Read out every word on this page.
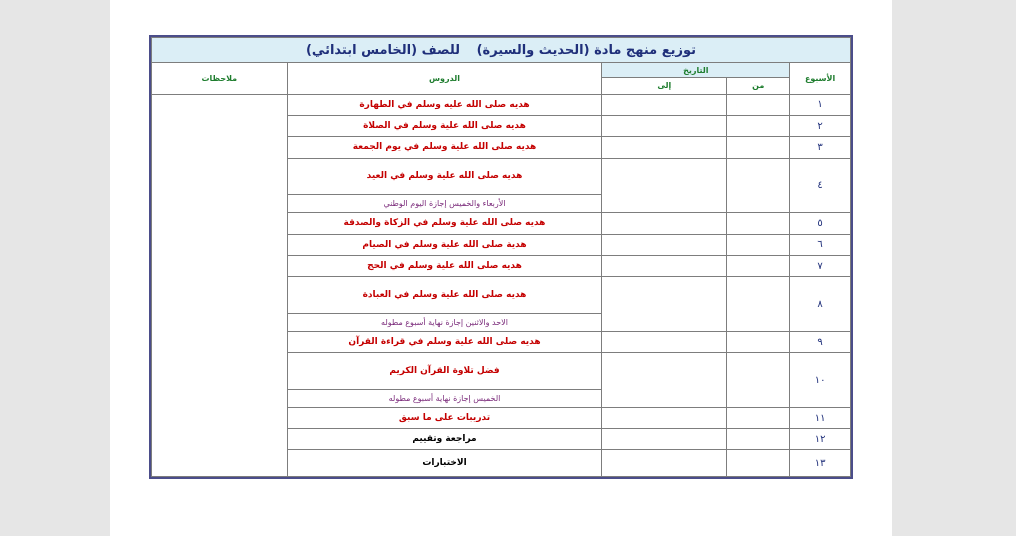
توزيع منهج مادة (الحديث والسيرة) للصف (الخامس ابتدائي)				
الأسبوع	التاريخ		الدروس	ملاحظات
	من	إلى		
١			هديه صلى الله عليه وسلم في الطهارة	
٢			هديه صلى الله علية وسلم في الصلاة	
٣			هديه صلى الله علية وسلم في يوم الجمعة	
٤			هديه صلى الله علية وسلم في العيد	
			الأربعاء والخميس إجازة اليوم الوطني	
٥			هديه صلى الله علية وسلم في الزكاة والصدقة	
٦			هدية صلى الله علية وسلم في الصيام	
٧			هديه صلى الله علية وسلم في الحج	
٨			هديه صلى الله علية وسلم في العبادة	
			الاحد والاثنين إجازة نهاية أسبوع مطوله	
٩			هديه صلى الله علية وسلم في قراءة القرآن	
١٠			فضل تلاوة القرآن الكريم	
			الخميس إجازة نهاية أسبوع مطوله	
١١			تدريبات على ما سبق	
١٢			مراجعة وتقييم	
١٣			الاختبارات	
